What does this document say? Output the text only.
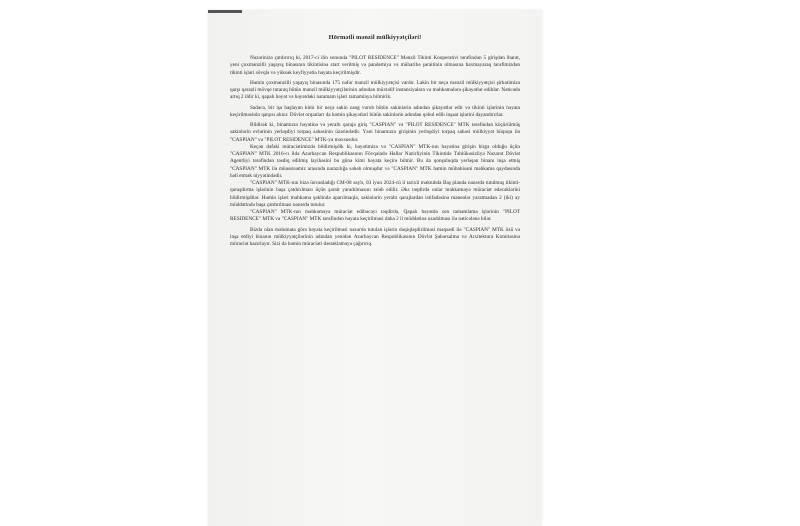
Hörmətli mənzil mülkiyyətçiləri!

Nəzərinizə çatdırırıq ki, 2017-ci ilin sonunda "PILOT RESIDENCE" Mənzil Tikinti Kooperativi tərəfindən 5 girişdən ibarət, yeni çoxmənzilli yaşayış binasının tikintisinə start verilmiş və pandemiya və müharibə şəraitinin olmasına baxmayaraq tərəfimizdən tikinti işləri sövqlə və yüksək keyfiyyətlə həyata keçirilmişdir.

Həmin çoxmənzilli yaşayış binasında 175 nəfər mənzil mülkiyyətçisi vardır. Lakin bir neçə mənzil mülkiyyətçisi şirkətimizə qarşı qərəzli mövqe tutaraq bütün mənzil mülkiyyətçilərinin adından müxtəlif instansiyalara və məhkəmələrə şikayətlər ediblər. Nəticədə artıq 2 ildir ki, qapalı həyət və həyətdəki natamam işləri tamamlaya bilmirik.

Sadəcə, bir işə başlayan kimi bir neçə sakin zəng vurub bütün sakinlərin adından şikayətlər edir və tikinti işlərinin həyata keçirilməsinin qarşısı alınır. Dövlət orqanları da həmin şikayətləri bütün sakinlərin adından qəbul edib inşaat işlərini dayandırırlar.

Bildirək ki, binamızın həyətinə və yeraltı qaraja giriş "CASPIAN" və "PILOT RESIDENCE" MTK tərəfindən köçürülmüş sakinlərin evlərinin yerləşdiyi torpaq sahəsinin üzərindədir. Yəni binamızın girişinin yerləşdiyi torpaq sahəsi mülkiyyət hüququ ilə "CASPIAN" və "PILOT RESIDENCE" MTK-ya məxsusdur.

Keçən dəfəki müraciətimizdə bildirmişdik ki, həyətimizə və "CASPIAN" MTK-nın həyətinə girişin birgə olduğu üçün "CASPIAN" MTK 2016-cı ildə Azərbaycan Respublikasının Fövqəladə Hallar Nazirliyinin Tikintidə Təhlükəsizliyə Nəzarət Dövlət Agentliyi tərəfindən təsdiq edilmiş layihəsini bu günə kimi həyata keçirə bilmir. Bu da qonşuluqda yerləşən binanı inşa etmiş "CASPIAN" MTK ilə müəssisəmiz arasında narazılığa səbəb olmuşdur və "CASPIAN" MTK həmin mübahisəni məhkəmə qaydasında həll etmək niyyətindədir.

"CASPIAN" MTK-nın bizə ünvanladığı CM-08 saylı, 03 iyun 2024-cü il tarixli məktubda Baş planda nəzərdə tutulmuş tikinti-quraşdırma işlərinin başa çatdırılması üçün şərait yaradılmasını tələb edilir. Əks təqdirdə onlar məhkəməyə müraciət edəcəklərini bildirmişdilər. Həmin işləri məhkəmə şəklində aparılmaqla, sakinlərin yeraltı qarajlardan istifadəsinə maneələr yaratmadan 2 (iki) ay müddətində başa çatdırılması nəzərdə tutulur.

"CASPIAN" MTK-nın məhkəməyə müraciət edibəcəyi təqdirdə, Qapalı həyətdə son tamamlama işlərinin "PILOT RESIDENCE" MTK və "CASPIAN" MTK tərəfindən həyata keçirilməsi daha 2 il müddətinə uzadılması ilə nəticələnə bilər.

Bizdə olan məlumata görə həyata keçirilməsi nəzərdə tutulan işlərin dəqiqləşdirilməsi məqsədi ilə "CASPIAN" MTK özü və inşa etdiyi binanın mülkiyyətçilərinin adından yenidən Azərbaycan Respublikasının Dövlət Şəhərsalma və Arxitektura Komitəsinə müraciət hazırlayır. Sizi də həmin müraciəti dəstəkləməyə çağırırıq.
